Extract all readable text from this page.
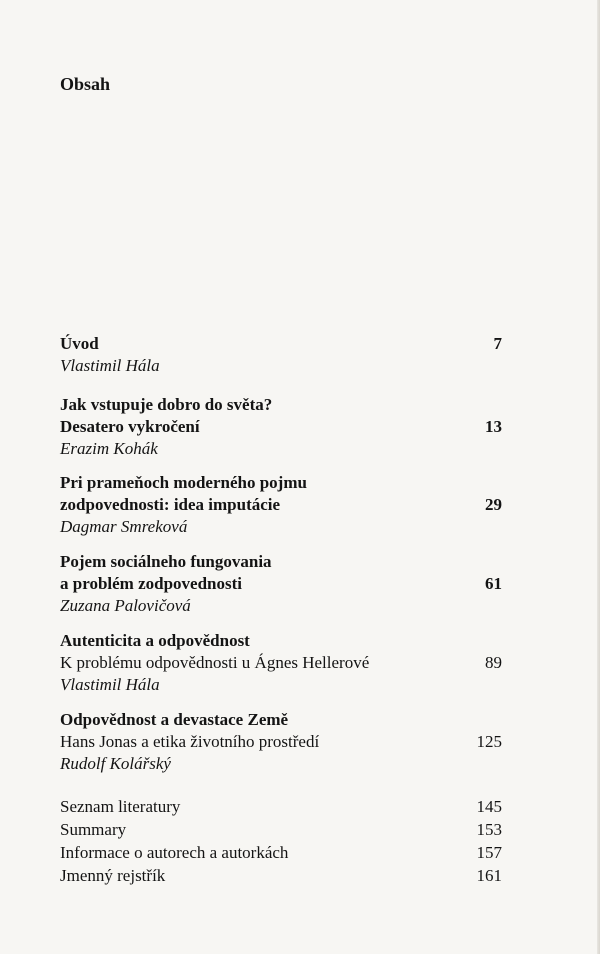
Obsah
Úvod	7
Vlastimil Hála
Jak vstupuje dobro do světa?
Desatero vykročení	13
Erazim Kohák
Pri prameňoch moderného pojmu
zodpovednosti: idea imputácie	29
Dagmar Smreková
Pojem sociálneho fungovania
a problém zodpovednosti	61
Zuzana Palovičová
Autenticita a odpovědnost
K problému odpovědnosti u Ágnes Hellerové	89
Vlastimil Hála
Odpovědnost a devastace Země
Hans Jonas a etika životního prostředí	125
Rudolf Kolářský
Seznam literatury	145
Summary	153
Informace o autorech a autorkách	157
Jmenný rejstřík	161
